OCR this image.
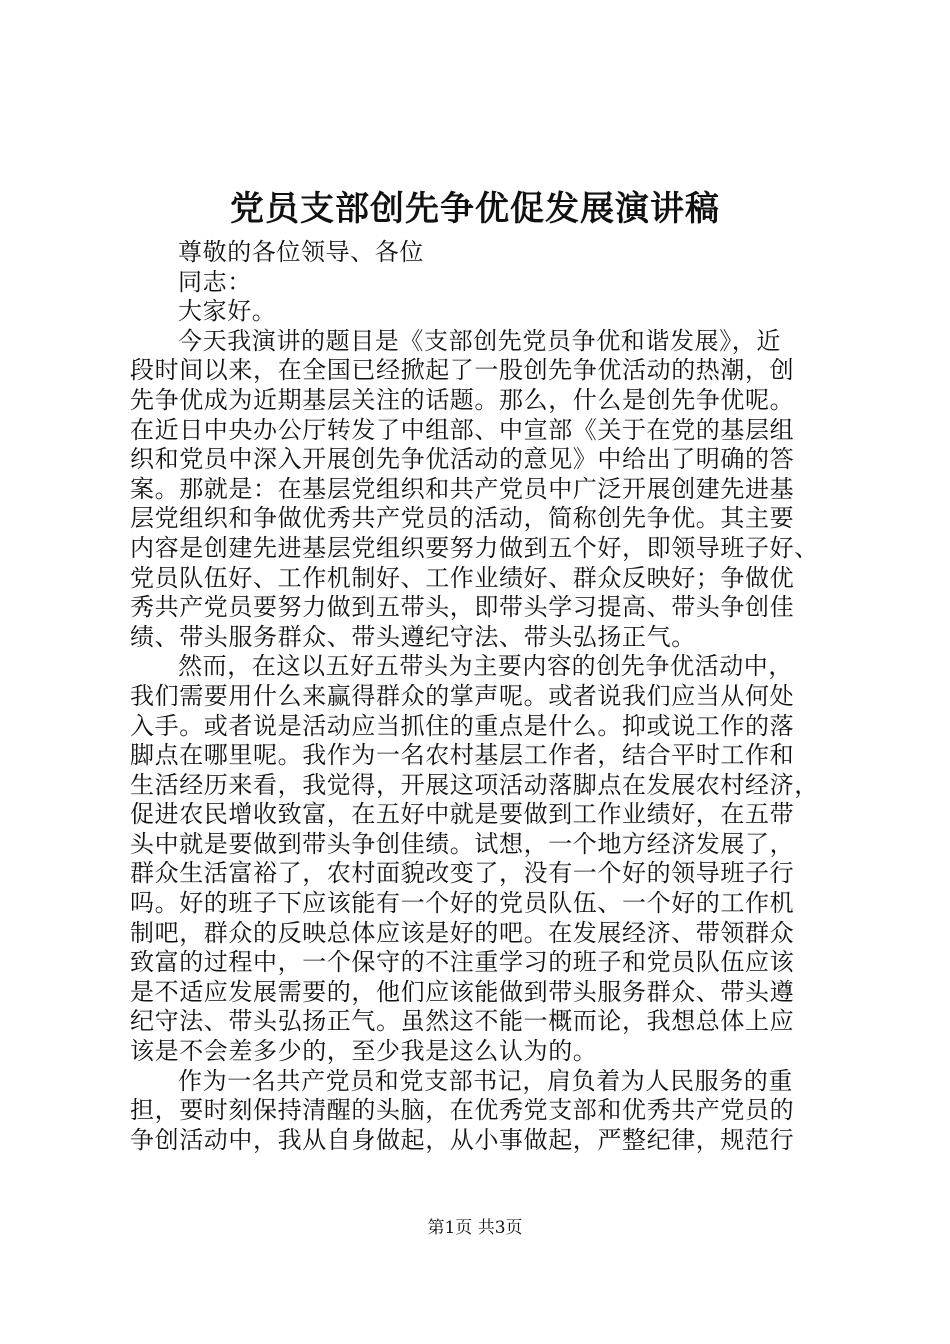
党员支部创先争优促发展演讲稿
尊敬的各位领导、各位
同志：
大家好。
今天我演讲的题目是《支部创先党员争优和谐发展》，近
段时间以来，在全国已经掀起了一股创先争优活动的热潮，创
先争优成为近期基层关注的话题。那么，什么是创先争优呢。
在近日中央办公厅转发了中组部、中宣部《关于在党的基层组
织和党员中深入开展创先争优活动的意见》中给出了明确的答
案。那就是：在基层党组织和共产党员中广泛开展创建先进基
层党组织和争做优秀共产党员的活动，简称创先争优。其主要
内容是创建先进基层党组织要努力做到五个好，即领导班子好、
党员队伍好、工作机制好、工作业绩好、群众反映好；争做优
秀共产党员要努力做到五带头，即带头学习提高、带头争创佳
绩、带头服务群众、带头遵纪守法、带头弘扬正气。
然而，在这以五好五带头为主要内容的创先争优活动中，
我们需要用什么来赢得群众的掌声呢。或者说我们应当从何处
入手。或者说是活动应当抓住的重点是什么。抑或说工作的落
脚点在哪里呢。我作为一名农村基层工作者，结合平时工作和
生活经历来看，我觉得，开展这项活动落脚点在发展农村经济，
促进农民增收致富，在五好中就是要做到工作业绩好，在五带
头中就是要做到带头争创佳绩。试想，一个地方经济发展了，
群众生活富裕了，农村面貌改变了，没有一个好的领导班子行
吗。好的班子下应该能有一个好的党员队伍、一个好的工作机
制吧，群众的反映总体应该是好的吧。在发展经济、带领群众
致富的过程中，一个保守的不注重学习的班子和党员队伍应该
是不适应发展需要的，他们应该能做到带头服务群众、带头遵
纪守法、带头弘扬正气。虽然这不能一概而论，我想总体上应
该是不会差多少的，至少我是这么认为的。
作为一名共产党员和党支部书记，肩负着为人民服务的重
担，要时刻保持清醒的头脑，在优秀党支部和优秀共产党员的
争创活动中，我从自身做起，从小事做起，严整纪律，规范行
第1页 共3页
